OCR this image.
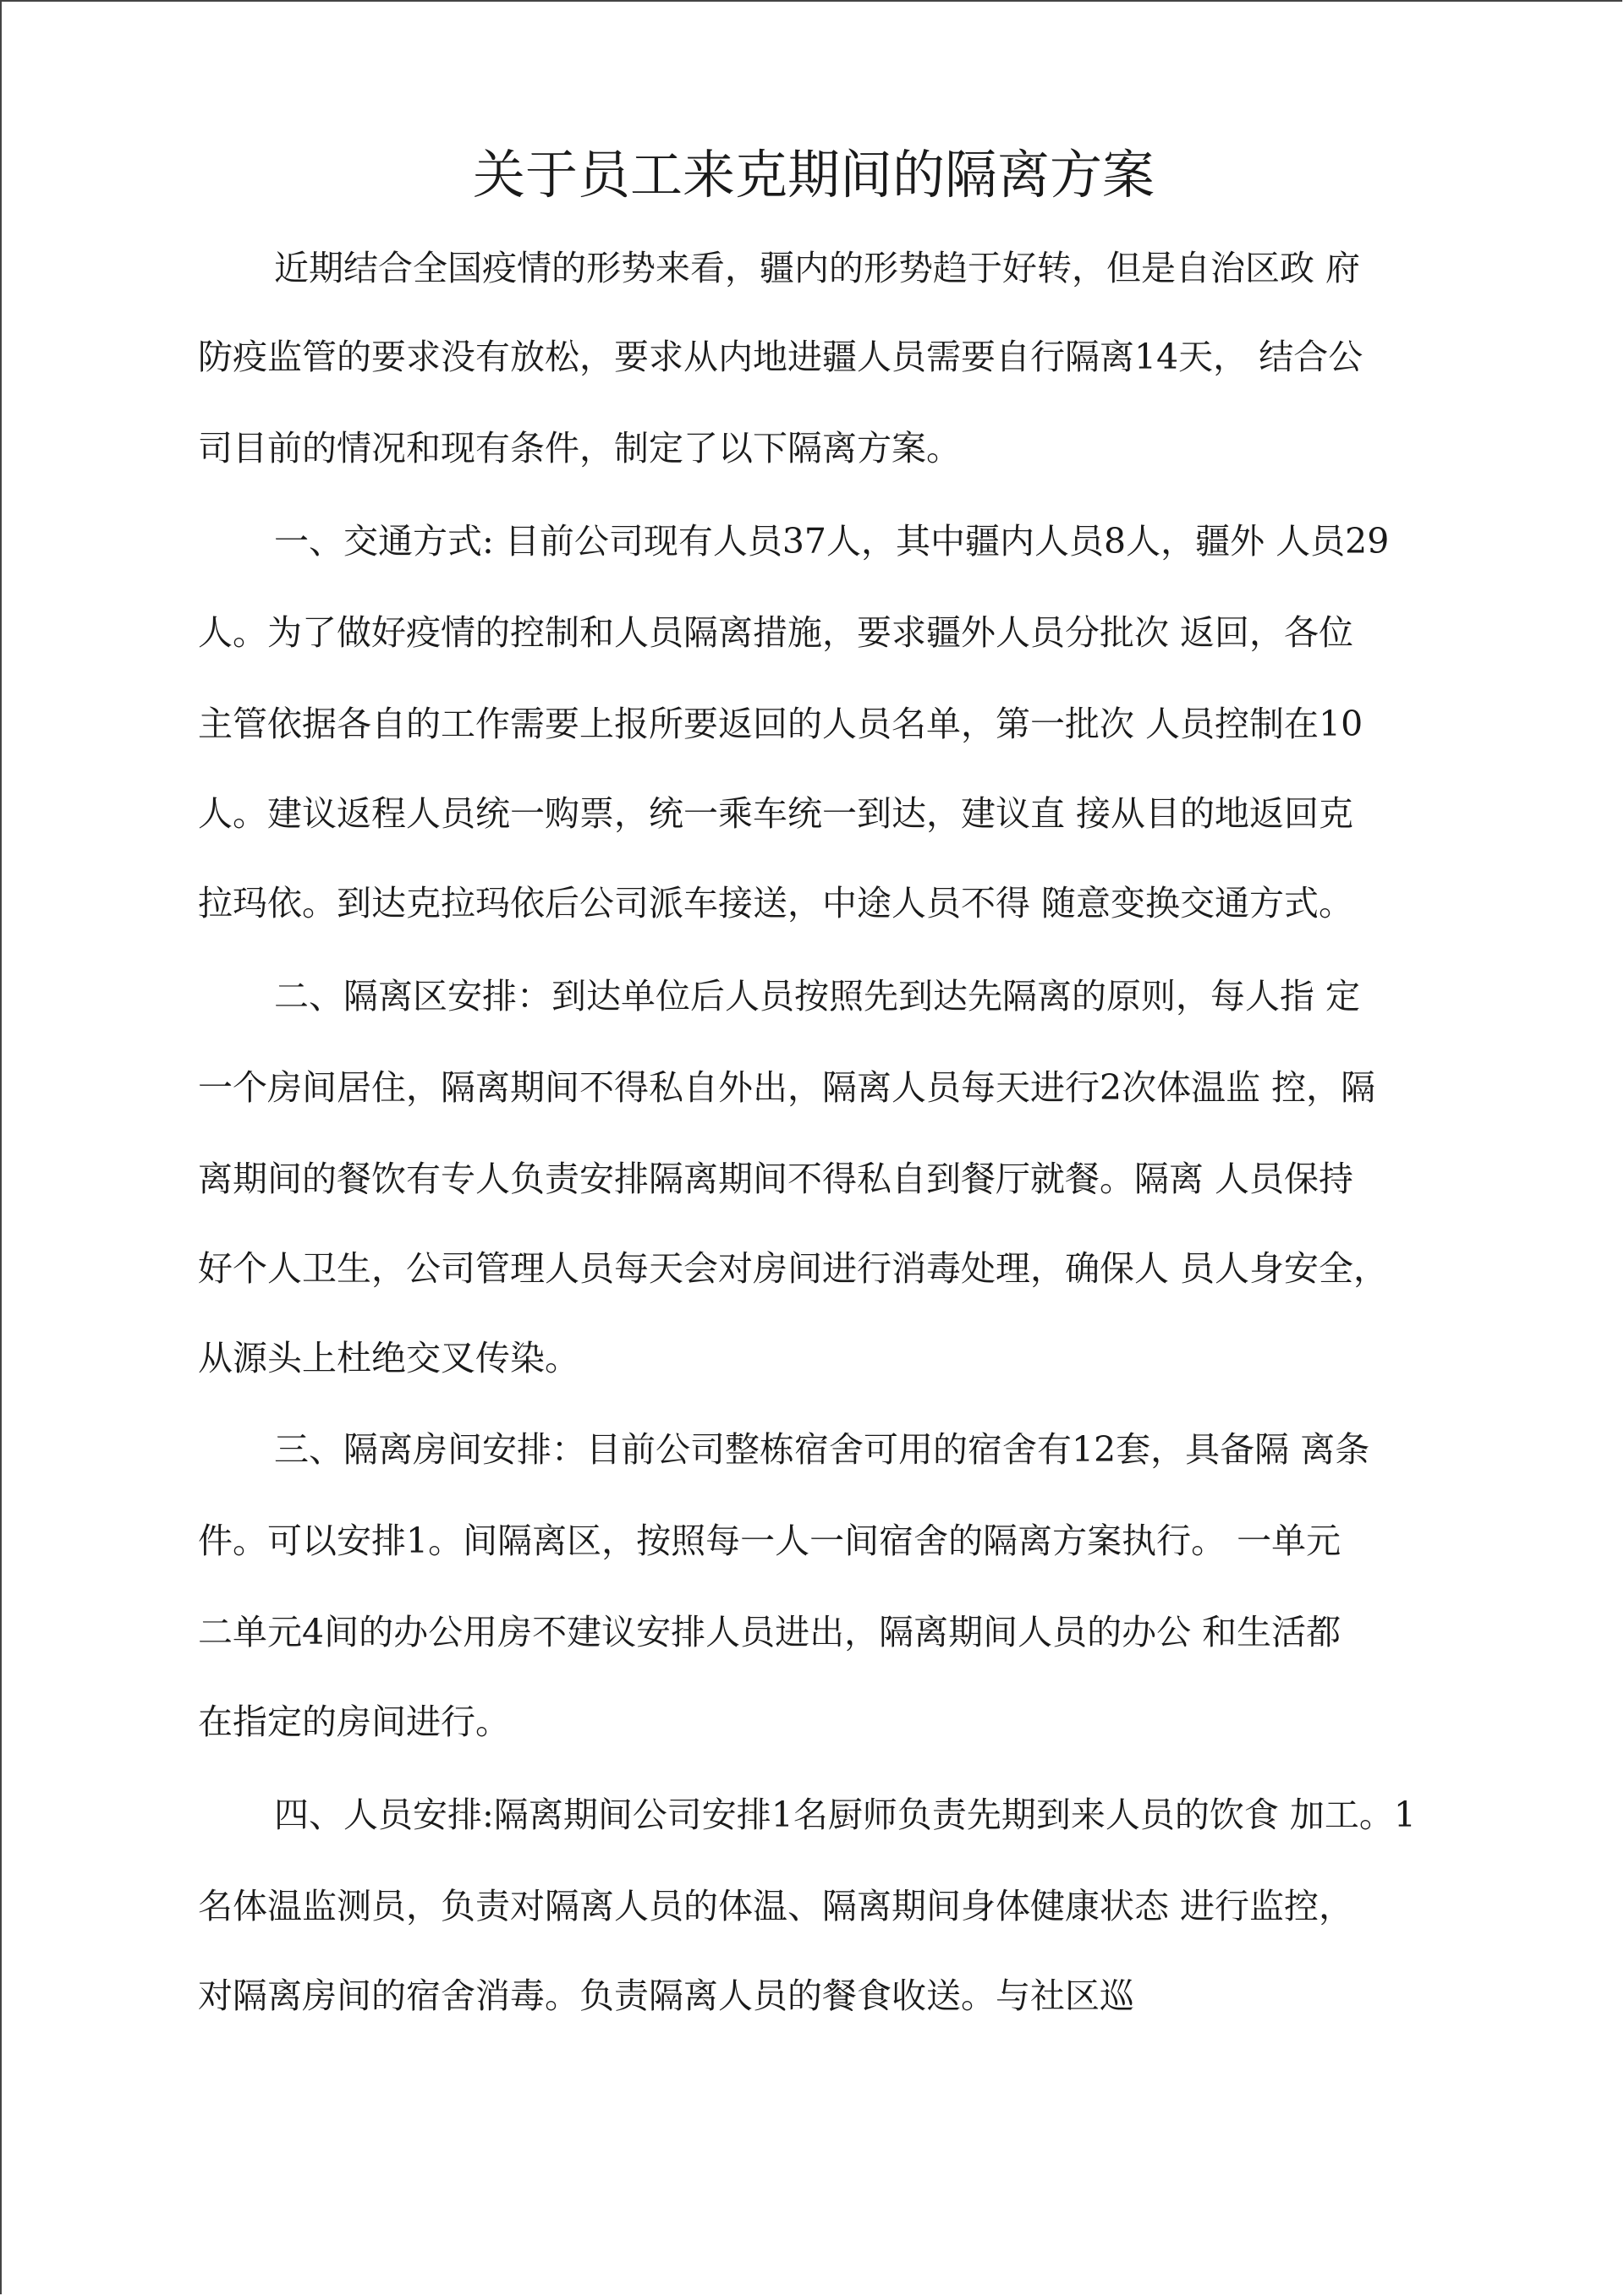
关于员工来克期间的隔离方案
近期结合全国疫情的形势来看，疆内的形势趋于好转，但是自治区政 府
防疫监管的要求没有放松，要求从内地进疆人员需要自行隔离14天， 结合公
司目前的情况和现有条件，制定了以下隔离方案。
一、交通方式: 目前公司现有人员37人，其中疆内人员8人，疆外 人员29
人。为了做好疫情的控制和人员隔离措施，要求疆外人员分批次 返回，各位
主管依据各自的工作需要上报所要返回的人员名单，第一批次 人员控制在10
人。建议返程人员统一购票，统一乘车统一到达，建议直 接从目的地返回克
拉玛依。到达克拉玛依后公司派车接送，中途人员不得 随意变换交通方式。
二、隔离区安排：到达单位后人员按照先到达先隔离的原则，每人指 定
一个房间居住，隔离期间不得私自外出，隔离人员每天进行2次体温监 控，隔
离期间的餐饮有专人负责安排隔离期间不得私自到餐厅就餐。隔离 人员保持
好个人卫生，公司管理人员每天会对房间进行消毒处理，确保人 员人身安全，
从源头上杜绝交叉传染。
三、隔离房间安排：目前公司整栋宿舍可用的宿舍有12套，具备隔 离条
件。可以安排1。间隔离区，按照每一人一间宿舍的隔离方案执行。 一单元
二单元4间的办公用房不建议安排人员进出，隔离期间人员的办公 和生活都
在指定的房间进行。
四、人员安排:隔离期间公司安排1名厨师负责先期到来人员的饮食 加工。1
名体温监测员，负责对隔离人员的体温、隔离期间身体健康状态 进行监控，
对隔离房间的宿舍消毒。负责隔离人员的餐食收送。与社区巡
